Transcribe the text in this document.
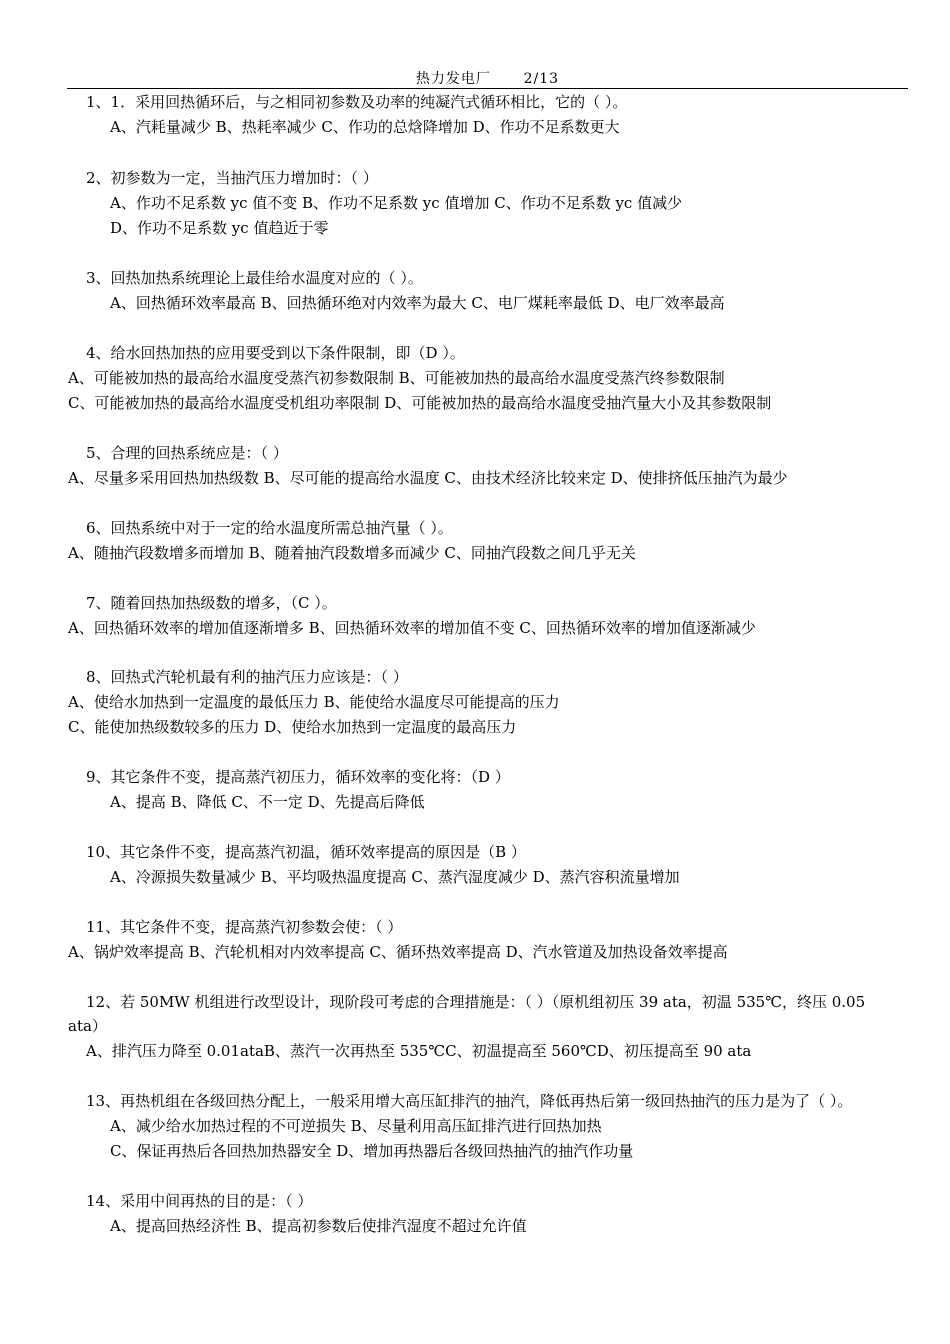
热力发电厂 2/13
1、1．采用回热循环后，与之相同初参数及功率的纯凝汽式循环相比，它的（ ）。
A、汽耗量减少 B、热耗率减少 C、作功的总焓降增加 D、作功不足系数更大
2、初参数为一定，当抽汽压力增加时：（ ）
A、作功不足系数 yc 值不变 B、作功不足系数 yc 值增加 C、作功不足系数 yc 值减少
D、作功不足系数 yc 值趋近于零
3、回热加热系统理论上最佳给水温度对应的（ ）。
A、回热循环效率最高 B、回热循环绝对内效率为最大 C、电厂煤耗率最低 D、电厂效率最高
4、给水回热加热的应用要受到以下条件限制，即（D ）。
A、可能被加热的最高给水温度受蒸汽初参数限制 B、可能被加热的最高给水温度受蒸汽终参数限制
C、可能被加热的最高给水温度受机组功率限制 D、可能被加热的最高给水温度受抽汽量大小及其参数限制
5、合理的回热系统应是：（ ）
A、尽量多采用回热加热级数 B、尽可能的提高给水温度 C、由技术经济比较来定 D、使排挤低压抽汽为最少
6、回热系统中对于一定的给水温度所需总抽汽量（ ）。
A、随抽汽段数增多而增加 B、随着抽汽段数增多而减少 C、同抽汽段数之间几乎无关
7、随着回热加热级数的增多，（C ）。
A、回热循环效率的增加值逐渐增多 B、回热循环效率的增加值不变 C、回热循环效率的增加值逐渐减少
8、回热式汽轮机最有利的抽汽压力应该是：（ ）
A、使给水加热到一定温度的最低压力 B、能使给水温度尽可能提高的压力
C、能使加热级数较多的压力 D、使给水加热到一定温度的最高压力
9、其它条件不变，提高蒸汽初压力，循环效率的变化将：（D ）
A、提高 B、降低 C、不一定 D、先提高后降低
10、其它条件不变，提高蒸汽初温，循环效率提高的原因是（B ）
A、冷源损失数量减少 B、平均吸热温度提高 C、蒸汽湿度减少 D、蒸汽容积流量增加
11、其它条件不变，提高蒸汽初参数会使：（ ）
A、锅炉效率提高 B、汽轮机相对内效率提高 C、循环热效率提高 D、汽水管道及加热设备效率提高
12、若 50MW 机组进行改型设计，现阶段可考虑的合理措施是：（ ）（原机组初压 39 ata，初温 535℃，终压 0.05
ata）
A、排汽压力降至 0.01ataB、蒸汽一次再热至 535℃C、初温提高至 560℃D、初压提高至 90 ata
13、再热机组在各级回热分配上，一般采用增大高压缸排汽的抽汽，降低再热后第一级回热抽汽的压力是为了（ ）。
A、减少给水加热过程的不可逆损失 B、尽量利用高压缸排汽进行回热加热
C、保证再热后各回热加热器安全 D、增加再热器后各级回热抽汽的抽汽作功量
14、采用中间再热的目的是：（ ）
A、提高回热经济性 B、提高初参数后使排汽湿度不超过允许值
